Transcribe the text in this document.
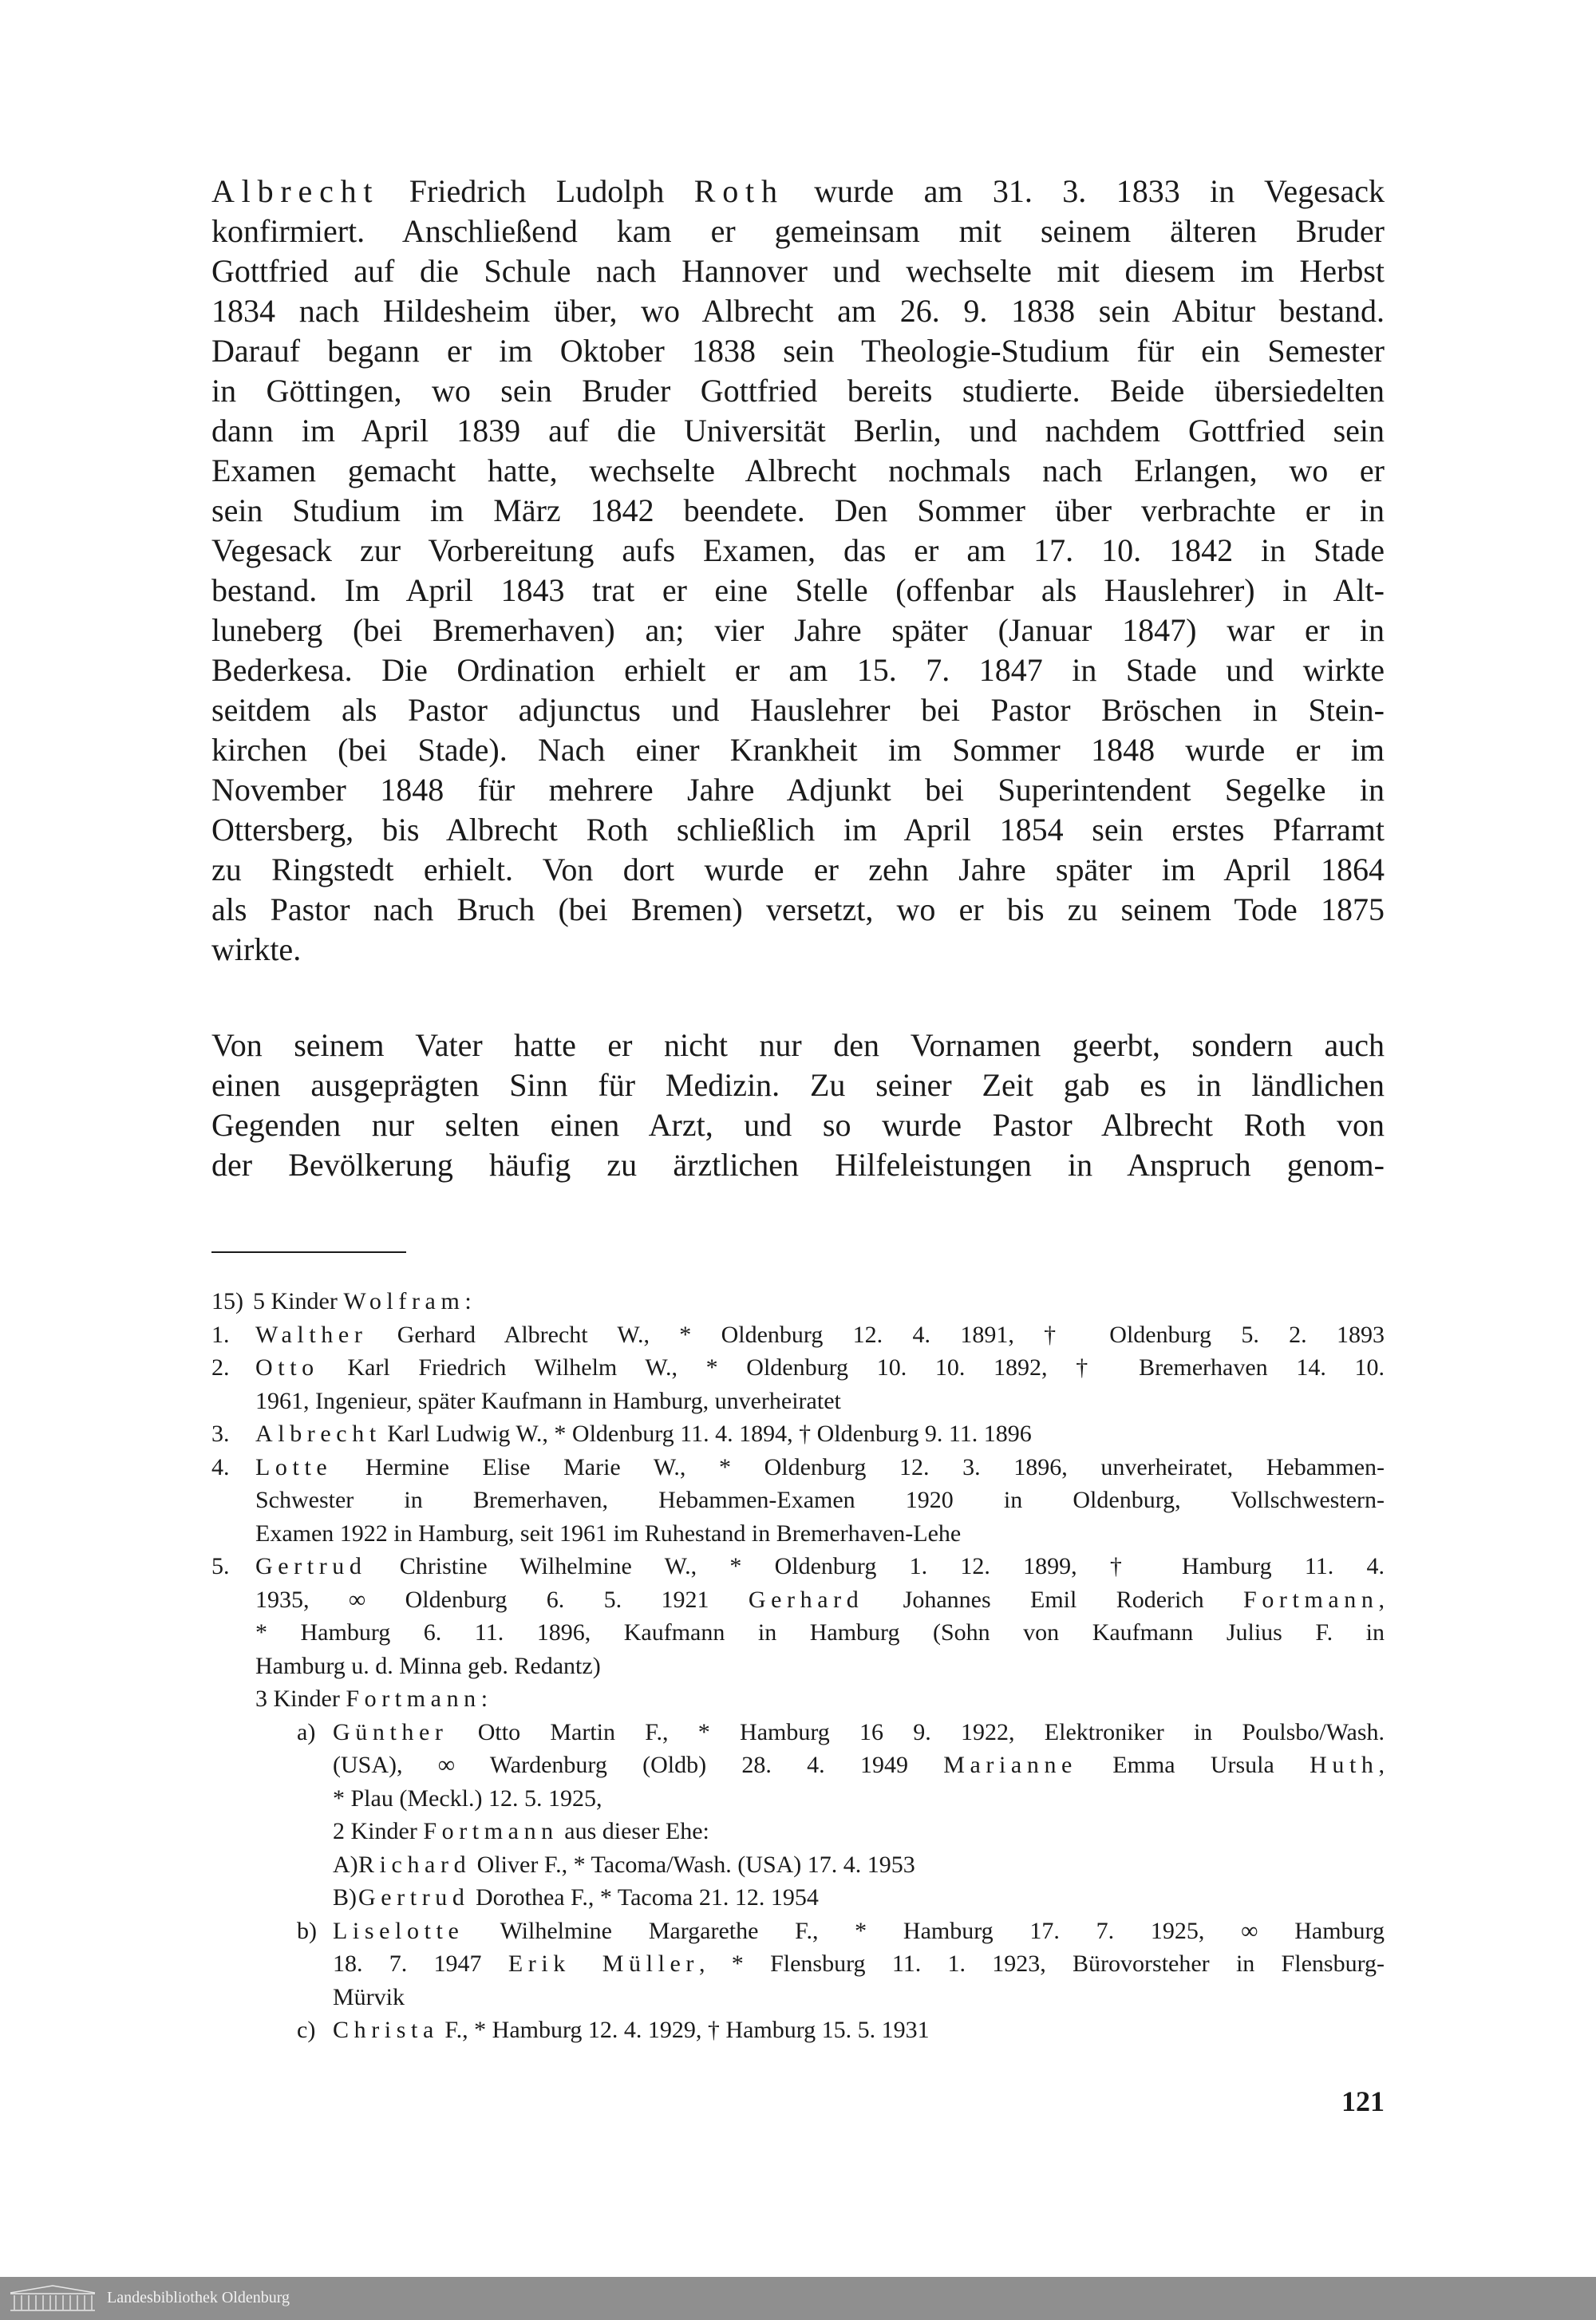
Albrecht Friedrich Ludolph Roth wurde am 31. 3. 1833 in Vegesack
konfirmiert. Anschließend kam er gemeinsam mit seinem älteren Bruder
Gottfried auf die Schule nach Hannover und wechselte mit diesem im Herbst
1834 nach Hildesheim über, wo Albrecht am 26. 9. 1838 sein Abitur bestand.
Darauf begann er im Oktober 1838 sein Theologie-Studium für ein Semester
in Göttingen, wo sein Bruder Gottfried bereits studierte. Beide übersiedelten
dann im April 1839 auf die Universität Berlin, und nachdem Gottfried sein
Examen gemacht hatte, wechselte Albrecht nochmals nach Erlangen, wo er
sein Studium im März 1842 beendete. Den Sommer über verbrachte er in
Vegesack zur Vorbereitung aufs Examen, das er am 17. 10. 1842 in Stade
bestand. Im April 1843 trat er eine Stelle (offenbar als Hauslehrer) in Alt-
luneberg (bei Bremerhaven) an; vier Jahre später (Januar 1847) war er in
Bederkesa. Die Ordination erhielt er am 15. 7. 1847 in Stade und wirkte
seitdem als Pastor adjunctus und Hauslehrer bei Pastor Bröschen in Stein-
kirchen (bei Stade). Nach einer Krankheit im Sommer 1848 wurde er im
November 1848 für mehrere Jahre Adjunkt bei Superintendent Segelke in
Ottersberg, bis Albrecht Roth schließlich im April 1854 sein erstes Pfarramt
zu Ringstedt erhielt. Von dort wurde er zehn Jahre später im April 1864
als Pastor nach Bruch (bei Bremen) versetzt, wo er bis zu seinem Tode 1875
wirkte.
Von seinem Vater hatte er nicht nur den Vornamen geerbt, sondern auch
einen ausgeprägten Sinn für Medizin. Zu seiner Zeit gab es in ländlichen
Gegenden nur selten einen Arzt, und so wurde Pastor Albrecht Roth von
der Bevölkerung häufig zu ärztlichen Hilfeleistungen in Anspruch genom-
15) 5 Kinder Wolfram:
1. Walther Gerhard Albrecht W., * Oldenburg 12. 4. 1891, † Oldenburg 5. 2. 1893
2. Otto Karl Friedrich Wilhelm W., * Oldenburg 10. 10. 1892, † Bremerhaven 14. 10.
1961, Ingenieur, später Kaufmann in Hamburg, unverheiratet
3. Albrecht Karl Ludwig W., * Oldenburg 11. 4. 1894, † Oldenburg 9. 11. 1896
4. Lotte Hermine Elise Marie W., * Oldenburg 12. 3. 1896, unverheiratet, Hebammen-
Schwester in Bremerhaven, Hebammen-Examen 1920 in Oldenburg, Vollschwestern-
Examen 1922 in Hamburg, seit 1961 im Ruhestand in Bremerhaven-Lehe
5. Gertrud Christine Wilhelmine W., * Oldenburg 1. 12. 1899, † Hamburg 11. 4.
1935, ∞ Oldenburg 6. 5. 1921 Gerhard Johannes Emil Roderich Fortmann,
* Hamburg 6. 11. 1896, Kaufmann in Hamburg (Sohn von Kaufmann Julius F. in
Hamburg u. d. Minna geb. Redantz)
3 Kinder Fortmann:
a) Günther Otto Martin F., * Hamburg 16 9. 1922, Elektroniker in Poulsbo/Wash.
(USA), ∞ Wardenburg (Oldb) 28. 4. 1949 Marianne Emma Ursula Huth,
* Plau (Meckl.) 12. 5. 1925,
2 Kinder Fortmann aus dieser Ehe:
A)Richard Oliver F., * Tacoma/Wash. (USA) 17. 4. 1953
B)Gertrud Dorothea F., * Tacoma 21. 12. 1954
b) Liselotte Wilhelmine Margarethe F., * Hamburg 17. 7. 1925, ∞ Hamburg
18. 7. 1947 Erik Müller, * Flensburg 11. 1. 1923, Bürovorsteher in Flensburg-
Mürvik
c) Christa F., * Hamburg 12. 4. 1929, † Hamburg 15. 5. 1931
121
Landesbibliothek Oldenburg
